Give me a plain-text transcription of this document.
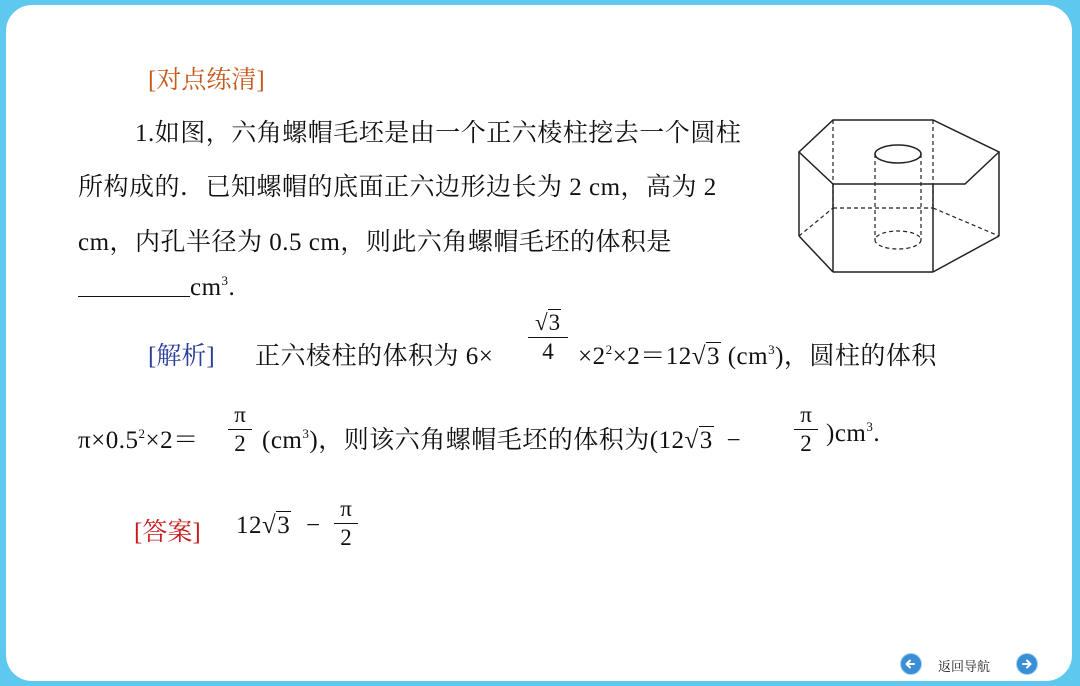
[对点练清]
1.如图，六角螺帽毛坯是由一个正六棱柱挖去一个圆柱
所构成的．已知螺帽的底面正六边形边长为 2 cm，高为 2
cm，内孔半径为 0.5 cm，则此六角螺帽毛坯的体积是
$cm^3$.
[解析] 正六棱柱的体积为 6×
√3
$4 \times 2^2\times 2=12√3$ $(cm^3)$，圆柱的体积
$\pi\times 0.5^2\times 2=$
π
2 $(cm^3)$，则该六角螺帽毛坯的体积为(12√3 −
π
2 )$cm^3$.
[答案] 12√3 −
π
2
返回导航
